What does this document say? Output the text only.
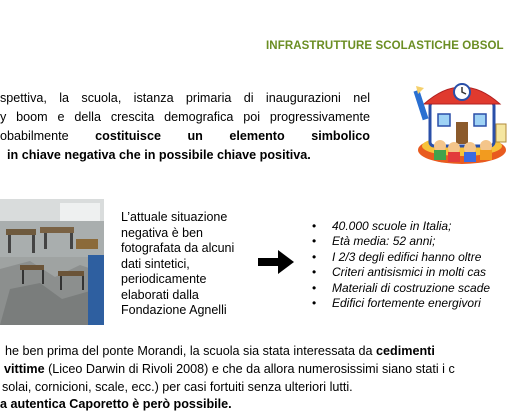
INFRASTRUTTURE SCOLASTICHE OBSOL
spettiva, la scuola, istanza primaria di inaugurazioni nel
y boom e della crescita demografica poi progressivamente
obabilmente costituisce un elemento simbolico
in chiave negativa che in possibile chiave positiva.
L’attuale situazione
negativa è ben
fotografata da alcuni
dati sintetici,
periodicamente
elaborati dalla
Fondazione Agnelli
• 40.000 scuole in Italia;
• Età media: 52 anni;
• I 2/3 degli edifici hanno oltre
• Criteri antisismici in molti cas
• Materiali di costruzione scade
• Edifici fortemente energivori
he ben prima del ponte Morandi, la scuola sia stata interessata da cedimenti
vittime (Liceo Darwin di Rivoli 2008) e che da allora numerosissimi siano stati i c
solai, cornicioni, scale, ecc.) per casi fortuiti senza ulteriori lutti.
a autentica Caporetto è però possibile.
